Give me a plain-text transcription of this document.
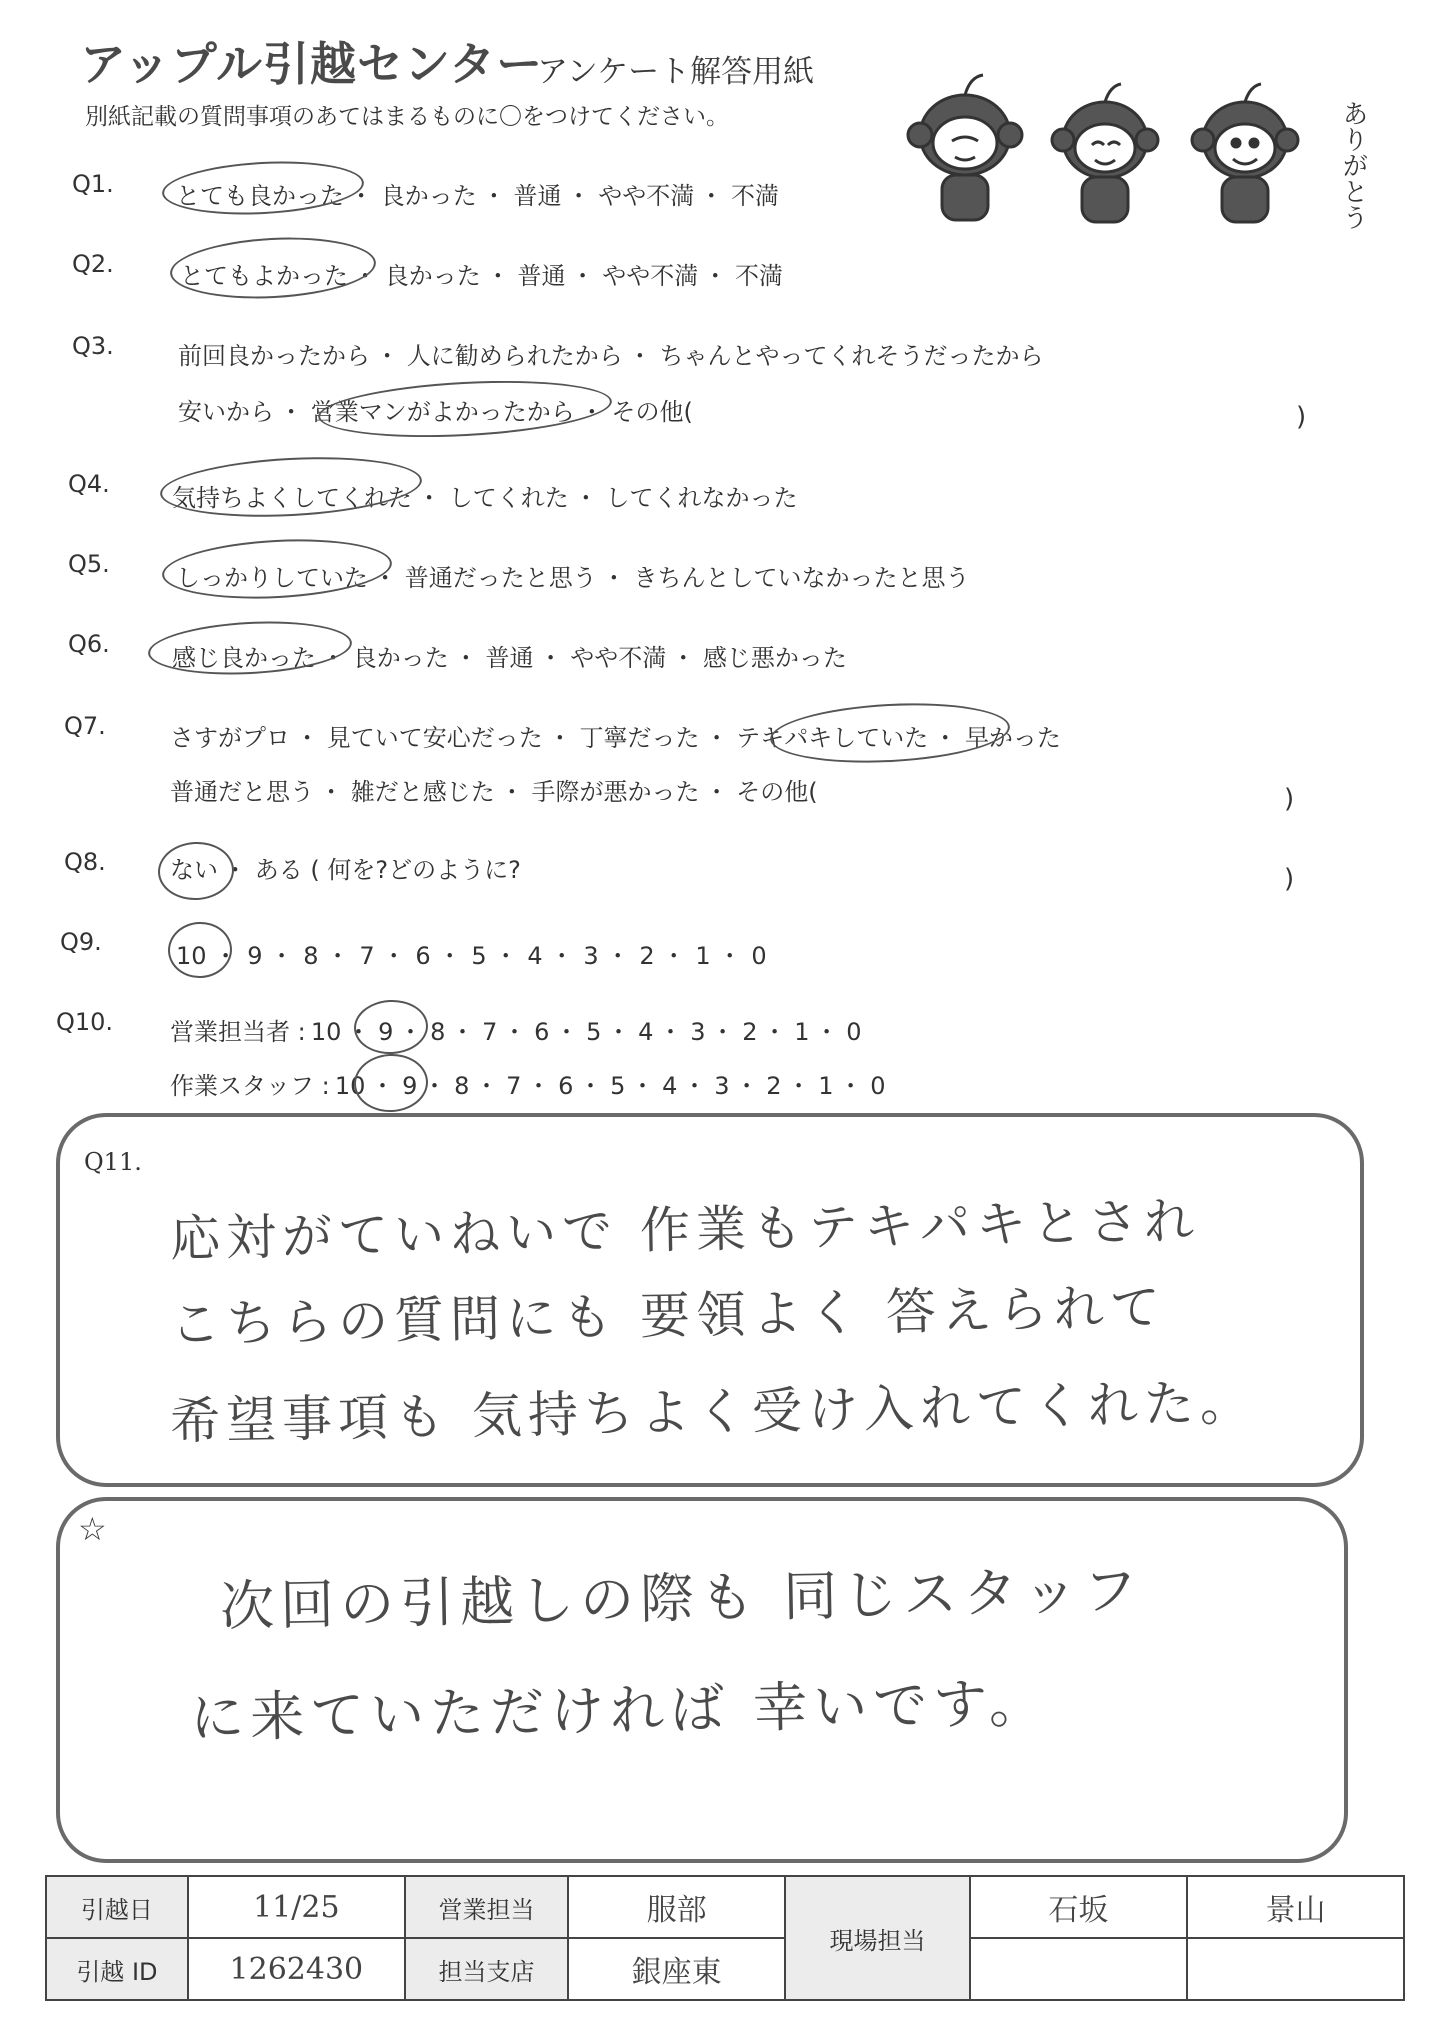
アップル引越センター
アンケート解答用紙
別紙記載の質問事項のあてはまるものに〇をつけてください。	ありがとう
Q1.	とても良かった ・ 良かった ・ 普通 ・ やや不満 ・ 不満
Q2.	とてもよかった ・ 良かった ・ 普通 ・ やや不満 ・ 不満
Q3.	前回良かったから ・ 人に勧められたから ・ ちゃんとやってくれそうだったから
安いから ・ 営業マンがよかったから ・ その他(	)
Q4.	気持ちよくしてくれた ・ してくれた ・ してくれなかった
Q5.	しっかりしていた ・ 普通だったと思う ・ きちんとしていなかったと思う
Q6.	感じ良かった ・ 良かった ・ 普通 ・ やや不満 ・ 感じ悪かった
Q7.	さすがプロ ・ 見ていて安心だった ・ 丁寧だった ・ テキパキしていた ・ 早かった
普通だと思う ・ 雑だと感じた ・ 手際が悪かった ・ その他(	)
Q8.	ない ・ ある ( 何を?どのように?	)
Q9.	10 ・ 9 ・ 8 ・ 7 ・ 6 ・ 5 ・ 4 ・ 3 ・ 2 ・ 1 ・ 0
Q10. 営業担当者 : 10 ・ 9 ・ 8 ・ 7 ・ 6 ・ 5 ・ 4 ・ 3 ・ 2 ・ 1 ・ 0
作業スタッフ : 10 ・ 9 ・ 8 ・ 7 ・ 6 ・ 5 ・ 4 ・ 3 ・ 2 ・ 1 ・ 0
Q11.
応対がていねいで 作業もテキパキとされ
こちらの質問にも 要領よく 答えられて
希望事項も 気持ちよく受け入れてくれた。
☆
次回の引越しの際も 同じスタッフ
に来ていただければ 幸いです。
引越日	11/25	営業担当	服部	現場担当	石坂	景山
引越 ID	1262430	担当支店	銀座東			
